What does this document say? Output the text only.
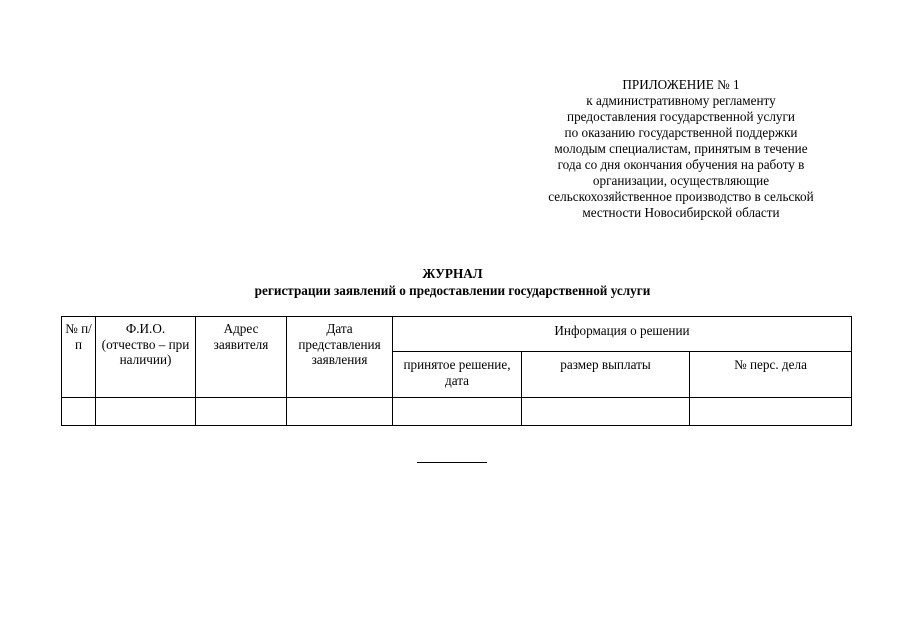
ПРИЛОЖЕНИЕ № 1
к административному регламенту
предоставления государственной услуги
по оказанию государственной поддержки
молодым специалистам, принятым в течение
года со дня окончания обучения на работу в
организации, осуществляющие
сельскохозяйственное производство в сельской
местности Новосибирской области
ЖУРНАЛ
регистрации заявлений о предоставлении государственной услуги
№ п/п	Ф.И.О. (отчество – при наличии)	Адрес заявителя	Дата представления заявления	Информация о решении		
				принятое решение, дата	размер выплаты	№ перс. дела
